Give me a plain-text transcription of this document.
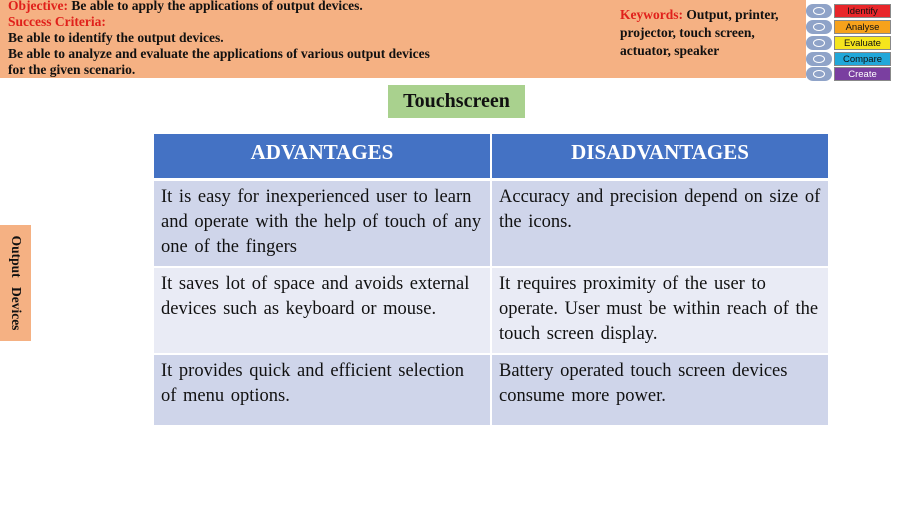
Objective: Be able to apply the applications of output devices.
Success Criteria:
Be able to identify the output devices.
Be able to analyze and evaluate the applications of various output devices for the given scenario.
Keywords: Output, printer, projector, touch screen, actuator, speaker
Identify
Analyse
Evaluate
Compare
Create
Touchscreen
Output Devices
ADVANTAGES	DISADVANTAGES
It is easy for inexperienced user to learn and operate with the help of touch of any one of the fingers	Accuracy and precision depend on size of the icons.
It saves lot of space and avoids external devices such as keyboard or mouse.	It requires proximity of the user to operate. User must be within reach of the touch screen display.
It provides quick and efficient selection of menu options.	Battery operated touch screen devices consume more power.
